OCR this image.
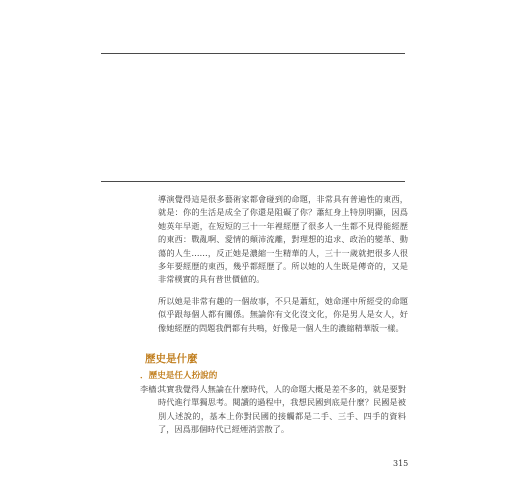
導演覺得這是很多藝術家都會碰到的命題，非常具有普遍性的東西，就是：你的生活是成全了你還是阻礙了你？蕭紅身上特別明顯，因爲她英年早逝，在短短的三十一年裡經歷了很多人一生都不見得能經歷的東西：戰亂啊、愛情的顛沛流離，對理想的追求、政治的變革、動蕩的人生……，反正她是濃縮一生精華的人，三十一歲就把很多人很多年要經歷的東西，幾乎都經歷了。所以她的人生既是傳奇的，又是非常樸實的具有普世價値的。

所以她是非常有趣的一個故事，不只是蕭紅，她命運中所經受的命題似乎跟每個人都有關係。無論你有文化沒文化，你是男人是女人，好像她經歷的問題我們都有共鳴，好像是一個人生的濃縮精華版一樣。

歷史是什麼
．歷史是任人扮說的
李檣：

其實我覺得人無論在什麼時代，人的命題大概是差不多的，就是要對時代進行單獨思考。閱讀的過程中，我想民國到底是什麼？民國是被別人述說的，基本上你對民國的接觸都是二手、三手、四手的資料了，因爲那個時代已經煙消雲散了。

315
